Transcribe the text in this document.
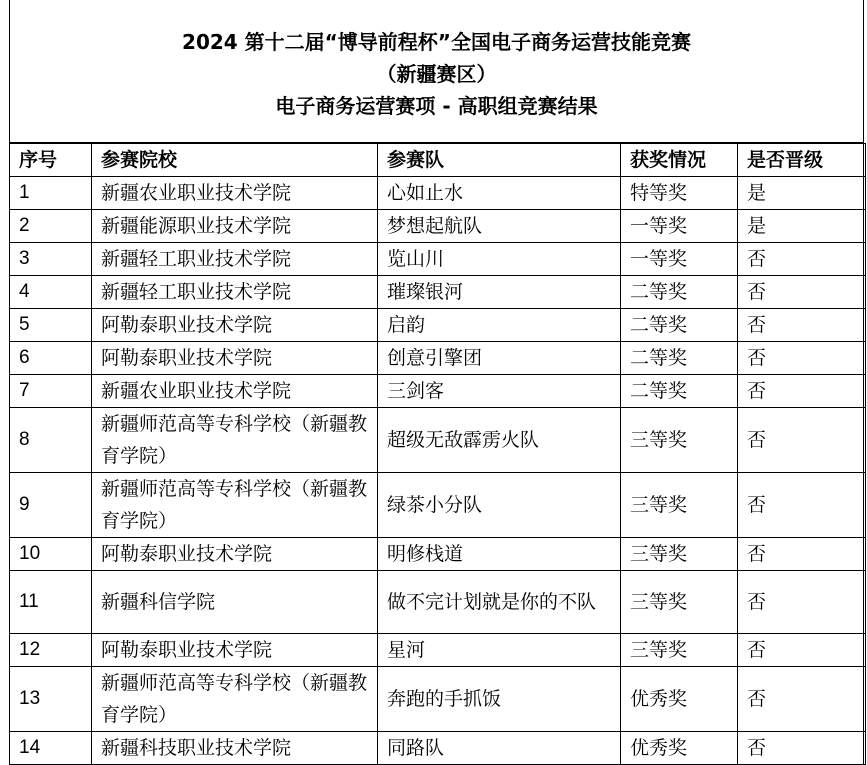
2024 第十二届“博导前程杯”全国电子商务运营技能竞赛
（新疆赛区）
电子商务运营赛项 - 高职组竞赛结果
序号	参赛院校	参赛队	获奖情况	是否晋级
1	新疆农业职业技术学院	心如止水	特等奖	是
2	新疆能源职业技术学院	梦想起航队	一等奖	是
3	新疆轻工职业技术学院	览山川	一等奖	否
4	新疆轻工职业技术学院	璀璨银河	二等奖	否
5	阿勒泰职业技术学院	启韵	二等奖	否
6	阿勒泰职业技术学院	创意引擎团	二等奖	否
7	新疆农业职业技术学院	三剑客	二等奖	否
8	新疆师范高等专科学校（新疆教育学院）	超级无敌霹雳火队	三等奖	否
9	新疆师范高等专科学校（新疆教育学院）	绿茶小分队	三等奖	否
10	阿勒泰职业技术学院	明修栈道	三等奖	否
11	新疆科信学院	做不完计划就是你的不队	三等奖	否
12	阿勒泰职业技术学院	星河	三等奖	否
13	新疆师范高等专科学校（新疆教育学院）	奔跑的手抓饭	优秀奖	否
14	新疆科技职业技术学院	同路队	优秀奖	否
